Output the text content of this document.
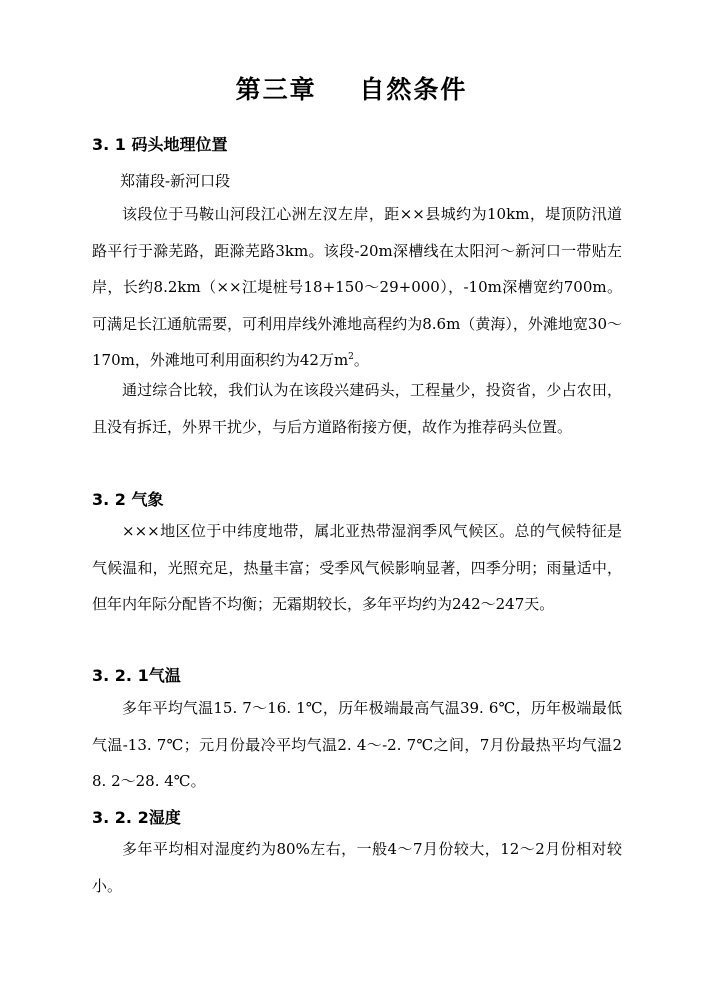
第三章    自然条件
3. 1 码头地理位置
郑蒲段-新河口段

该段位于马鞍山河段江心洲左汊左岸，距××县城约为10km，堤顶防汛道路平行于滁芜路，距滁芜路3km。该段-20m深槽线在太阳河～新河口一带贴左岸，长约8.2km（××江堤桩号18+150～29+000），-10m深槽宽约700m。可满足长江通航需要，可利用岸线外滩地高程约为8.6m（黄海），外滩地宽30～170m，外滩地可利用面积约为42万$m^2$。

通过综合比较，我们认为在该段兴建码头，工程量少，投资省，少占农田，且没有拆迁，外界干扰少，与后方道路衔接方便，故作为推荐码头位置。

3. 2 气象

×××地区位于中纬度地带，属北亚热带湿润季风气候区。总的气候特征是气候温和，光照充足，热量丰富；受季风气候影响显著，四季分明；雨量适中，但年内年际分配皆不均衡；无霜期较长，多年平均约为242～247天。

3. 2. 1气温

多年平均气温15. 7～16. 1℃，历年极端最高气温39. 6℃，历年极端最低气温-13. 7℃；元月份最冷平均气温2. 4～-2. 7℃之间，7月份最热平均气温28. 2～28. 4℃。

3. 2. 2湿度

多年平均相对湿度约为80%左右，一般4～7月份较大，12～2月份相对较小。
